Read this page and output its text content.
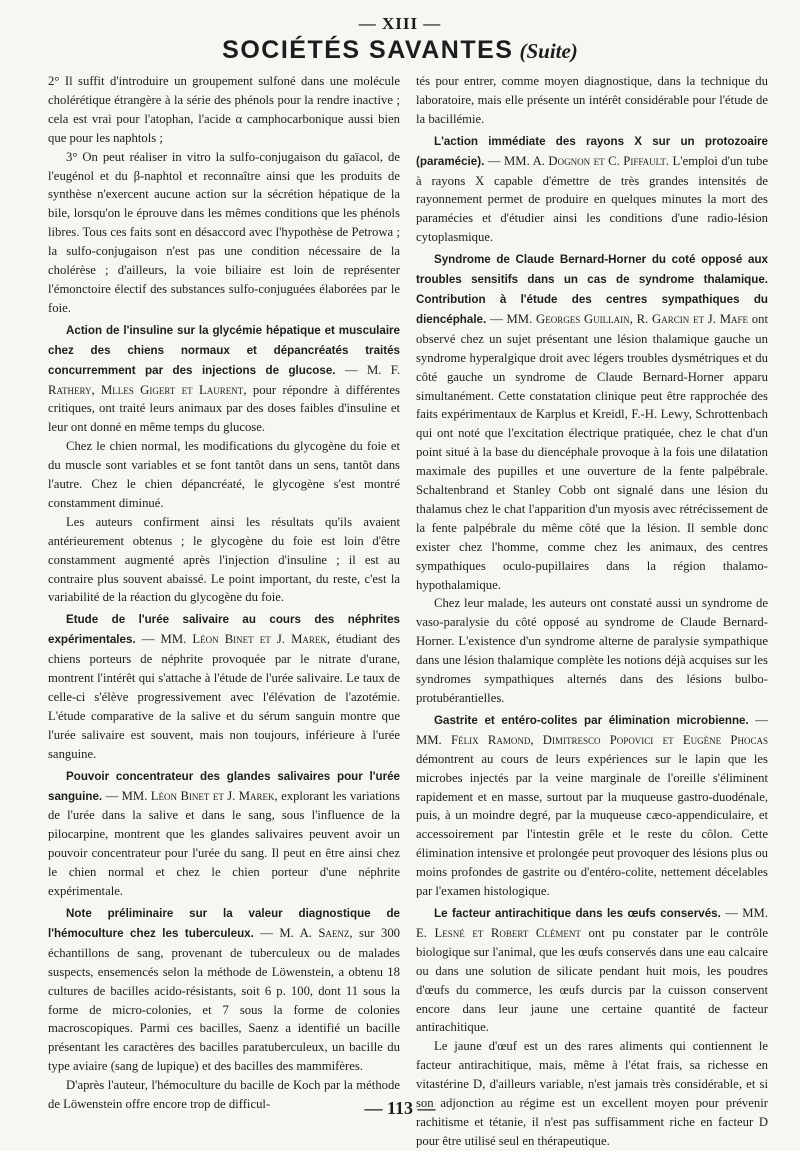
— XIII —
SOCIÉTÉS SAVANTES (Suite)

2° Il suffit d'introduire un groupement sulfoné dans une molécule cholérétique étrangère à la série des phénols pour la rendre inactive ; cela est vrai pour l'atophan, l'acide α camphocarbonique aussi bien que pour les naphtols ;

3° On peut réaliser in vitro la sulfo-conjugaison du gaïacol, de l'eugénol et du β-naphtol et reconnaître ainsi que les produits de synthèse n'exercent aucune action sur la sécrétion hépatique de la bile, lorsqu'on le éprouve dans les mêmes conditions que les phénols libres. Tous ces faits sont en désaccord avec l'hypothèse de Petrowa ; la sulfo-conjugaison n'est pas une condition nécessaire de la cholérèse ; d'ailleurs, la voie biliaire est loin de représenter l'émonctoire électif des substances sulfo-conjuguées élaborées par le foie.

Action de l'insuline sur la glycémie hépatique et musculaire chez des chiens normaux et dépancréatés traités concurremment par des injections de glucose. — M. F. Rathery, Mlles Gigert et Laurent, pour répondre à différentes critiques, ont traité leurs animaux par des doses faibles d'insuline et leur ont donné en même temps du glucose.

Chez le chien normal, les modifications du glycogène du foie et du muscle sont variables et se font tantôt dans un sens, tantôt dans l'autre. Chez le chien dépancréaté, le glycogène s'est montré constamment diminué.

Les auteurs confirment ainsi les résultats qu'ils avaient antérieurement obtenus ; le glycogène du foie est loin d'être constamment augmenté après l'injection d'insuline ; il est au contraire plus souvent abaissé. Le point important, du reste, c'est la variabilité de la réaction du glycogène du foie.

Etude de l'urée salivaire au cours des néphrites expérimentales. — MM. Léon Binet et J. Marek, étudiant des chiens porteurs de néphrite provoquée par le nitrate d'urane, montrent l'intérêt qui s'attache à l'étude de l'urée salivaire. Le taux de celle-ci s'élève progressivement avec l'élévation de l'azotémie. L'étude comparative de la salive et du sérum sanguin montre que l'urée salivaire est souvent, mais non toujours, inférieure à l'urée sanguine.

Pouvoir concentrateur des glandes salivaires pour l'urée sanguine. — MM. Léon Binet et J. Marek, explorant les variations de l'urée dans la salive et dans le sang, sous l'influence de la pilocarpine, montrent que les glandes salivaires peuvent avoir un pouvoir concentrateur pour l'urée du sang. Il peut en être ainsi chez le chien normal et chez le chien porteur d'une néphrite expérimentale.

Note préliminaire sur la valeur diagnostique de l'hémoculture chez les tuberculeux. — M. A. Saenz, sur 300 échantillons de sang, provenant de tuberculeux ou de malades suspects, ensemencés selon la méthode de Löwenstein, a obtenu 18 cultures de bacilles acido-résistants, soit 6 p. 100, dont 11 sous la forme de micro-colonies, et 7 sous la forme de colonies macroscopiques. Parmi ces bacilles, Saenz a identifié un bacille présentant les caractères des bacilles paratuberculeux, un bacille du type aviaire (sang de lupique) et des bacilles des mammifères.

D'après l'auteur, l'hémoculture du bacille de Koch par la méthode de Löwenstein offre encore trop de difficul-

tés pour entrer, comme moyen diagnostique, dans la technique du laboratoire, mais elle présente un intérêt considérable pour l'étude de la bacillémie.

L'action immédiate des rayons X sur un protozoaire (paramécie). — MM. A. Dognon et C. Piffault. L'emploi d'un tube à rayons X capable d'émettre de très grandes intensités de rayonnement permet de produire en quelques minutes la mort des paramécies et d'étudier ainsi les conditions d'une radio-lésion cytoplasmique.

Syndrome de Claude Bernard-Horner du coté opposé aux troubles sensitifs dans un cas de syndrome thalamique. Contribution à l'étude des centres sympathiques du diencéphale. — MM. Georges Guillain, R. Garcin et J. Mafe ont observé chez un sujet présentant une lésion thalamique gauche un syndrome hyperalgique droit avec légers troubles dysmétriques et du côté gauche un syndrome de Claude Bernard-Horner apparu simultanément. Cette constatation clinique peut être rapprochée des faits expérimentaux de Karplus et Kreidl, F.-H. Lewy, Schrottenbach qui ont noté que l'excitation électrique pratiquée, chez le chat d'un point situé à la base du diencéphale provoque à la fois une dilatation maximale des pupilles et une ouverture de la fente palpébrale. Schaltenbrand et Stanley Cobb ont signalé dans une lésion du thalamus chez le chat l'apparition d'un myosis avec rétrécissement de la fente palpébrale du même côté que la lésion. Il semble donc exister chez l'homme, comme chez les animaux, des centres sympathiques oculo-pupillaires dans la région thalamo-hypothalamique.

Chez leur malade, les auteurs ont constaté aussi un syndrome de vaso-paralysie du côté opposé au syndrome de Claude Bernard-Horner. L'existence d'un syndrome alterne de paralysie sympathique dans une lésion thalamique complète les notions déjà acquises sur les syndromes sympathiques alternés dans des lésions bulbo-protubérantielles.

Gastrite et entéro-colites par élimination microbienne. — MM. Félix Ramond, Dimitresco Popovici et Eugène Phocas démontrent au cours de leurs expériences sur le lapin que les microbes injectés par la veine marginale de l'oreille s'éliminent rapidement et en masse, surtout par la muqueuse gastro-duodénale, puis, à un moindre degré, par la muqueuse cæco-appendiculaire, et accessoirement par l'intestin grêle et le reste du côlon. Cette élimination intensive et prolongée peut provoquer des lésions plus ou moins profondes de gastrite ou d'entéro-colite, nettement décelables par l'examen histologique.

Le facteur antirachitique dans les œufs conservés. — MM. E. Lesné et Robert Clément ont pu constater par le contrôle biologique sur l'animal, que les œufs conservés dans une eau calcaire ou dans une solution de silicate pendant huit mois, les poudres d'œufs du commerce, les œufs durcis par la cuisson conservent encore dans leur jaune une certaine quantité de facteur antirachitique.

Le jaune d'œuf est un des rares aliments qui contiennent le facteur antirachitique, mais, même à l'état frais, sa richesse en vitastérine D, d'ailleurs variable, n'est jamais très considérable, et si son adjonction au régime est un excellent moyen pour prévenir rachitisme et tétanie, il n'est pas suffisamment riche en facteur D pour être utilisé seul en thérapeutique.

— 113 —
